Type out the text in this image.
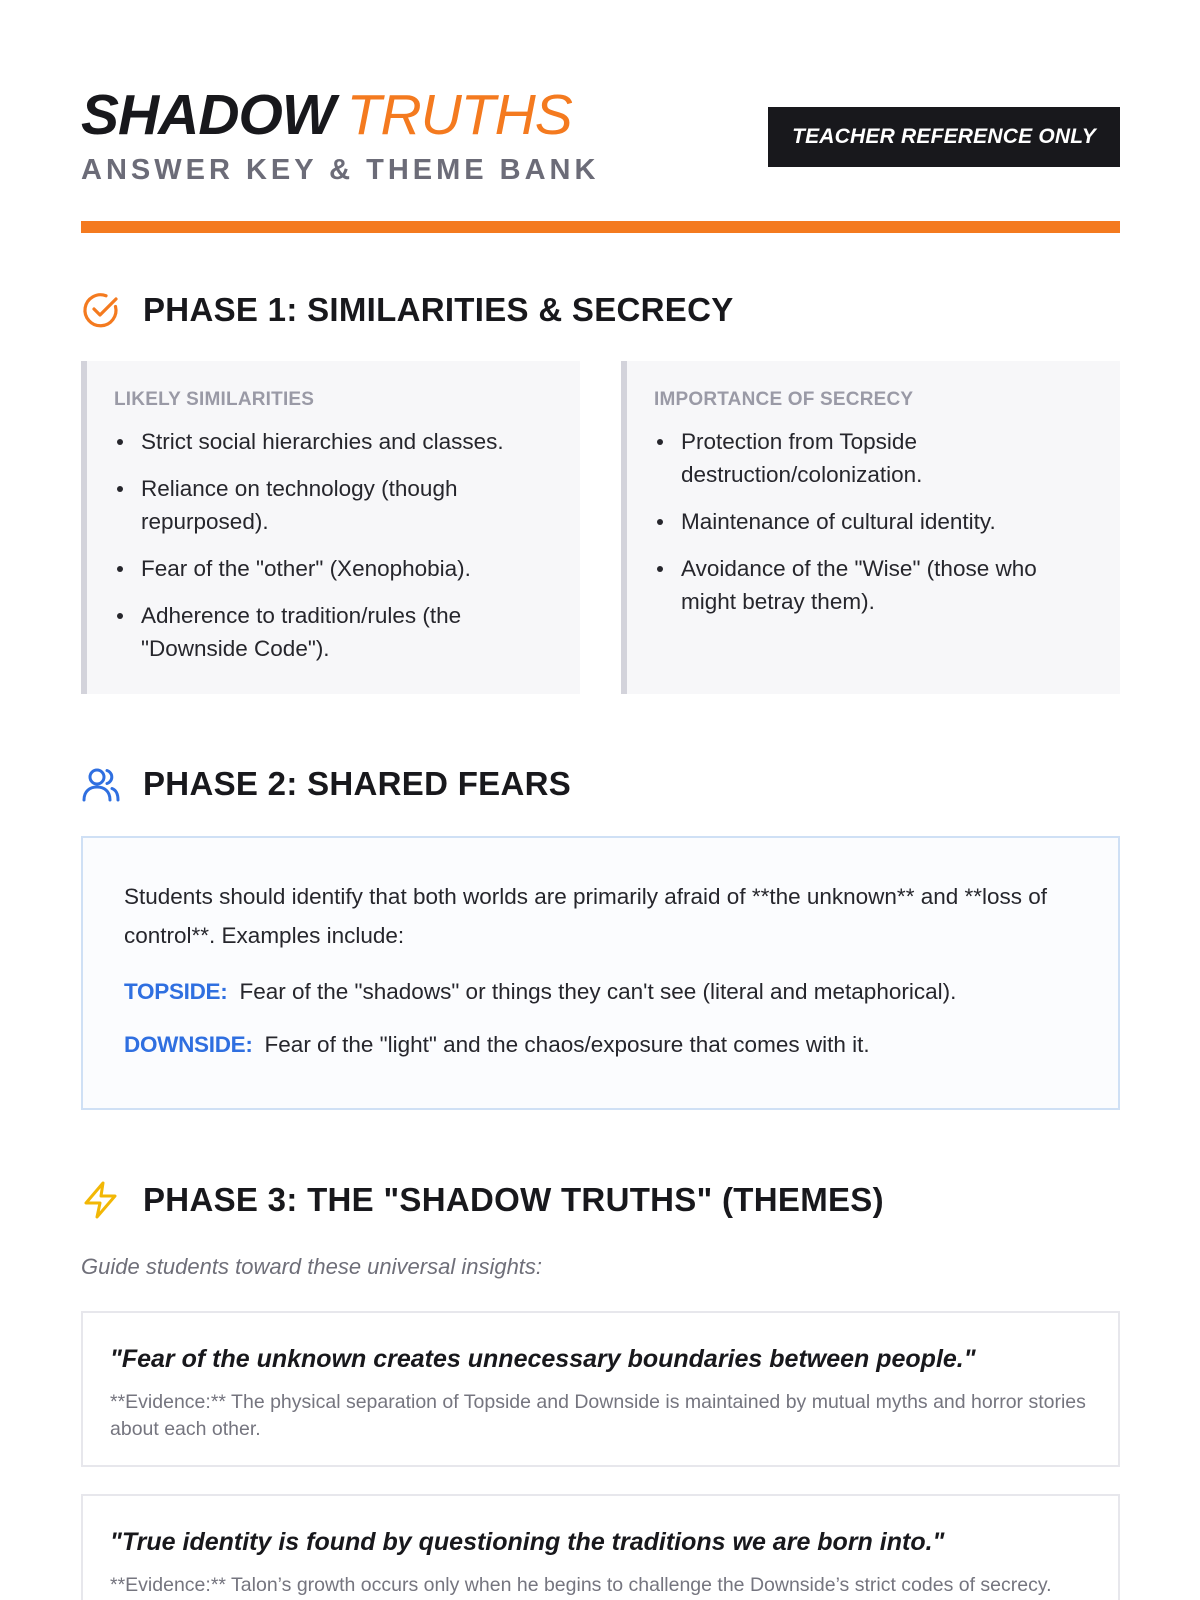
SHADOW TRUTHS
ANSWER KEY & THEME BANK
TEACHER REFERENCE ONLY
PHASE 1: SIMILARITIES & SECRECY
LIKELY SIMILARITIES
Strict social hierarchies and classes.
Reliance on technology (though repurposed).
Fear of the "other" (Xenophobia).
Adherence to tradition/rules (the "Downside Code").
IMPORTANCE OF SECRECY
Protection from Topside destruction/colonization.
Maintenance of cultural identity.
Avoidance of the "Wise" (those who might betray them).
PHASE 2: SHARED FEARS

Students should identify that both worlds are primarily afraid of **the unknown** and **loss of control**. Examples include:

TOPSIDE: Fear of the "shadows" or things they can't see (literal and metaphorical).
DOWNSIDE: Fear of the "light" and the chaos/exposure that comes with it.
PHASE 3: THE "SHADOW TRUTHS" (THEMES)
Guide students toward these universal insights:
"Fear of the unknown creates unnecessary boundaries between people."
**Evidence:** The physical separation of Topside and Downside is maintained by mutual myths and horror stories about each other.
"True identity is found by questioning the traditions we are born into."
**Evidence:** Talon’s growth occurs only when he begins to challenge the Downside’s strict codes of secrecy.
